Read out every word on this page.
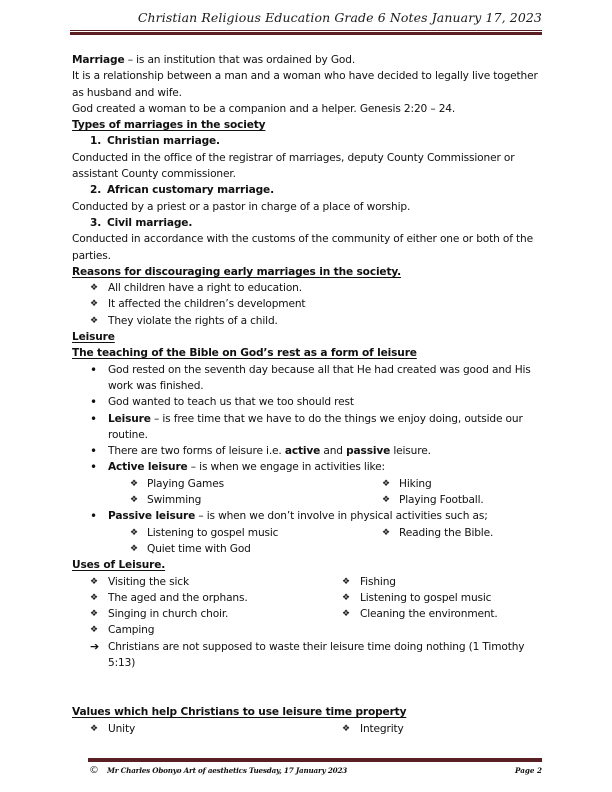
Christian Religious Education Grade 6 Notes January 17, 2023
Marriage – is an institution that was ordained by God.
It is a relationship between a man and a woman who have decided to legally live together as husband and wife.
God created a woman to be a companion and a helper. Genesis 2:20 – 24.
Types of marriages in the society
1. Christian marriage.
Conducted in the office of the registrar of marriages, deputy County Commissioner or assistant County commissioner.
2. African customary marriage.
Conducted by a priest or a pastor in charge of a place of worship.
3. Civil marriage.
Conducted in accordance with the customs of the community of either one or both of the parties.
Reasons for discouraging early marriages in the society.
❖ All children have a right to education.
❖ It affected the children’s development
❖ They violate the rights of a child.
Leisure
The teaching of the Bible on God’s rest as a form of leisure
•	God rested on the seventh day because all that He had created was good and His work was finished.
•	God wanted to teach us that we too should rest
•	Leisure – is free time that we have to do the things we enjoy doing, outside our routine.
•	There are two forms of leisure i.e. active and passive leisure.
•	Active leisure – is when we engage in activities like:
❖ Playing Games
❖ Swimming
❖ Hiking
❖ Playing Football.
•	Passive leisure – is when we don’t involve in physical activities such as;
❖ Listening to gospel music
❖ Quiet time with God
❖ Reading the Bible.
Uses of Leisure.
❖ Visiting the sick
❖ The aged and the orphans.
❖ Singing in church choir.
❖ Camping
❖ Fishing
❖ Listening to gospel music
❖ Cleaning the environment.
➔ Christians are not supposed to waste their leisure time doing nothing (1 Timothy 5:13)
Values which help Christians to use leisure time property
❖ Unity	❖ Integrity
© Mr Charles Obonyo Art of aesthetics Tuesday, 17 January 2023	Page 2
